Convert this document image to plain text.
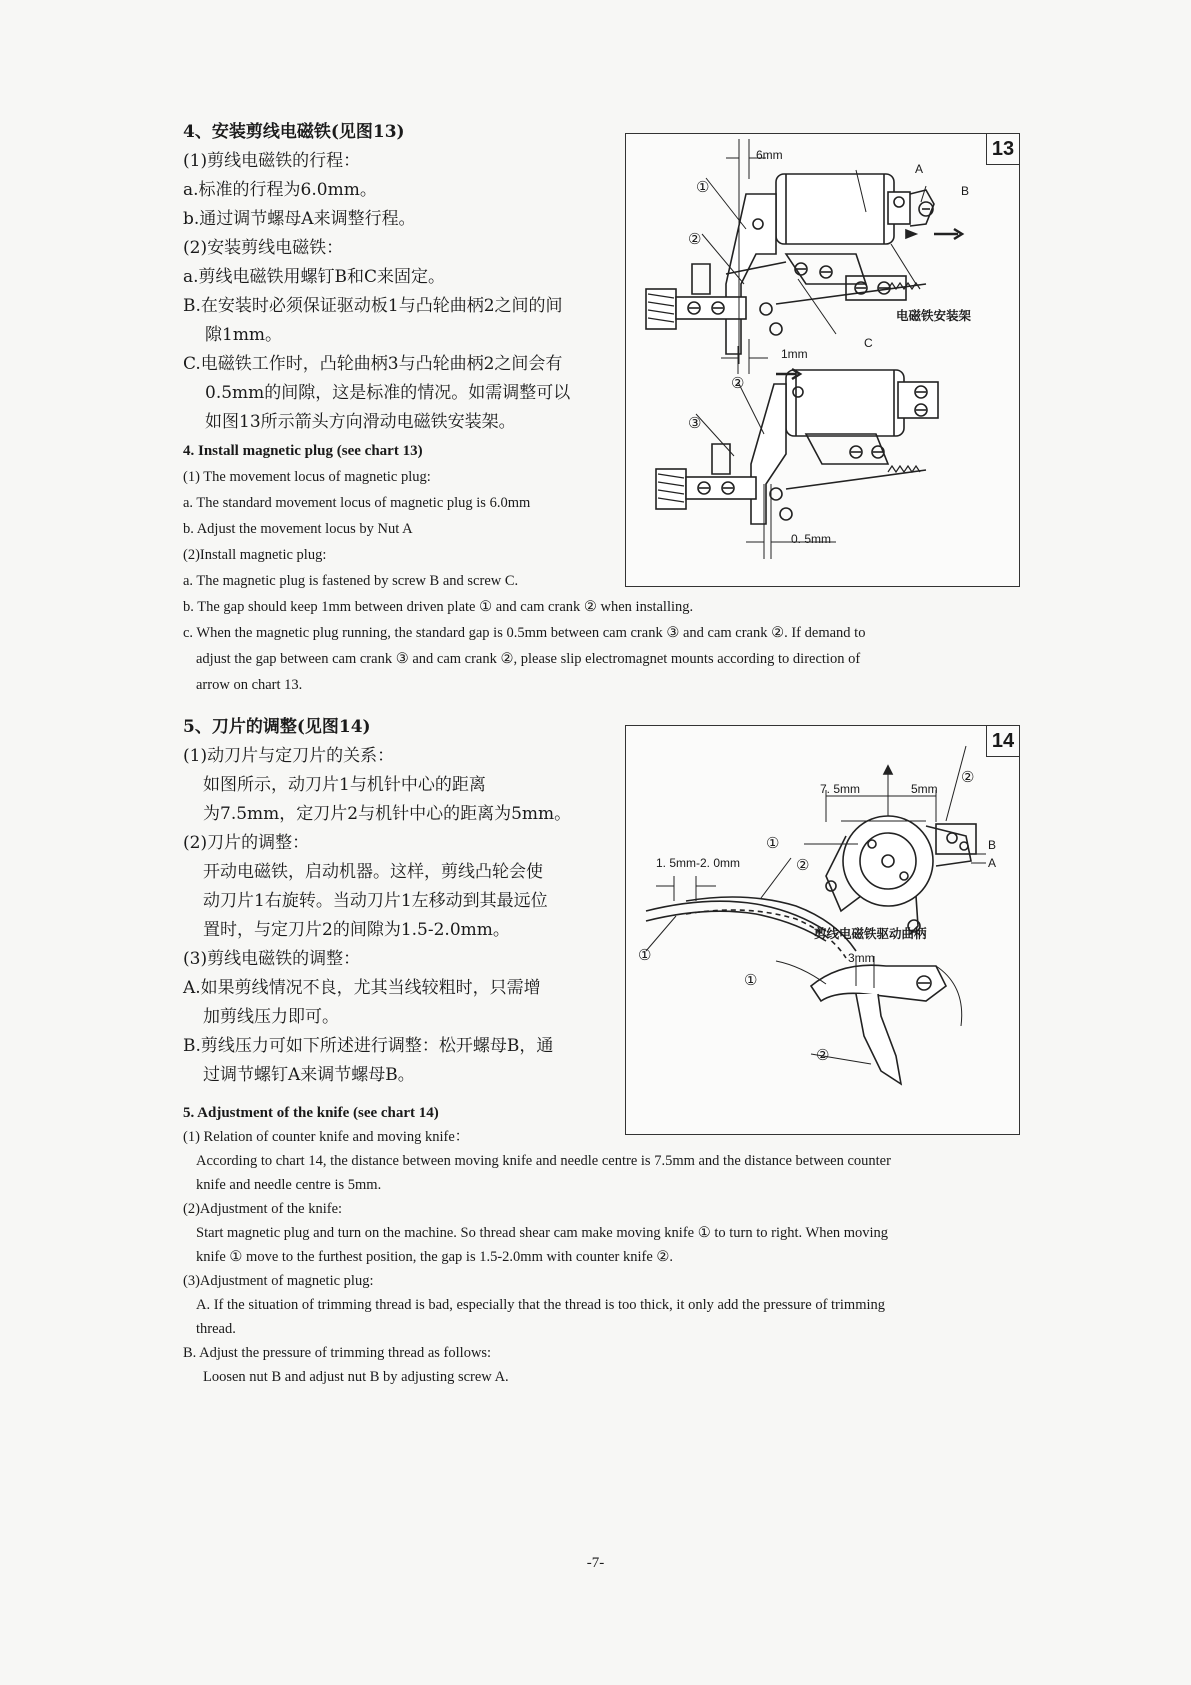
4、安装剪线电磁铁(见图13)
(1)剪线电磁铁的行程：
a.标准的行程为6.0mm。
b.通过调节螺母A来调整行程。
(2)安装剪线电磁铁：
a.剪线电磁铁用螺钉B和C来固定。
B.在安装时必须保证驱动板1与凸轮曲柄2之间的间
隙1mm。
C.电磁铁工作时，凸轮曲柄3与凸轮曲柄2之间会有
0.5mm的间隙，这是标准的情况。如需调整可以
如图13所示箭头方向滑动电磁铁安装架。
4. Install magnetic plug (see chart 13)
(1) The movement locus of magnetic plug:
a. The standard movement locus of magnetic plug is 6.0mm
b. Adjust the movement locus by Nut A
(2)Install magnetic plug:
a. The magnetic plug is fastened by screw B and screw C.
b. The gap should keep 1mm between driven plate ① and cam crank ② when installing.
c. When the magnetic plug running, the standard gap is 0.5mm between cam crank ③ and cam crank ②. If demand to
adjust the gap between cam crank ③ and cam crank ②, please slip electromagnet mounts according to direction of
arrow on chart 13.
13
6mm
A
B
C
电磁铁安装架
1mm
0. 5mm
①
②
②
③
5、刀片的调整(见图14)
(1)动刀片与定刀片的关系：
如图所示，动刀片1与机针中心的距离
为7.5mm，定刀片2与机针中心的距离为5mm。
(2)刀片的调整：
开动电磁铁，启动机器。这样，剪线凸轮会使
动刀片1右旋转。当动刀片1左移动到其最远位
置时，与定刀片2的间隙为1.5-2.0mm。
(3)剪线电磁铁的调整：
A.如果剪线情况不良，尤其当线较粗时，只需增
加剪线压力即可。
B.剪线压力可如下所述进行调整：松开螺母B，通
过调节螺钉A来调节螺母B。
5. Adjustment of the knife (see chart 14)
(1) Relation of counter knife and moving knife：
According to chart 14, the distance between moving knife and needle centre is 7.5mm and the distance between counter
knife and needle centre is 5mm.
(2)Adjustment of the knife:
Start magnetic plug and turn on the machine. So thread shear cam make moving knife ① to turn to right. When moving
knife ① move to the furthest position, the gap is 1.5-2.0mm with counter knife ②.
(3)Adjustment of magnetic plug:
A. If the situation of trimming thread is bad, especially that the thread is too thick, it only add the pressure of trimming
thread.
B. Adjust the pressure of trimming thread as follows:
Loosen nut B and adjust nut B by adjusting screw A.
14
7. 5mm	5mm
1. 5mm-2. 0mm
B
A
剪线电磁铁驱动曲柄
3mm
②
①
②
①
①
②
-7-
